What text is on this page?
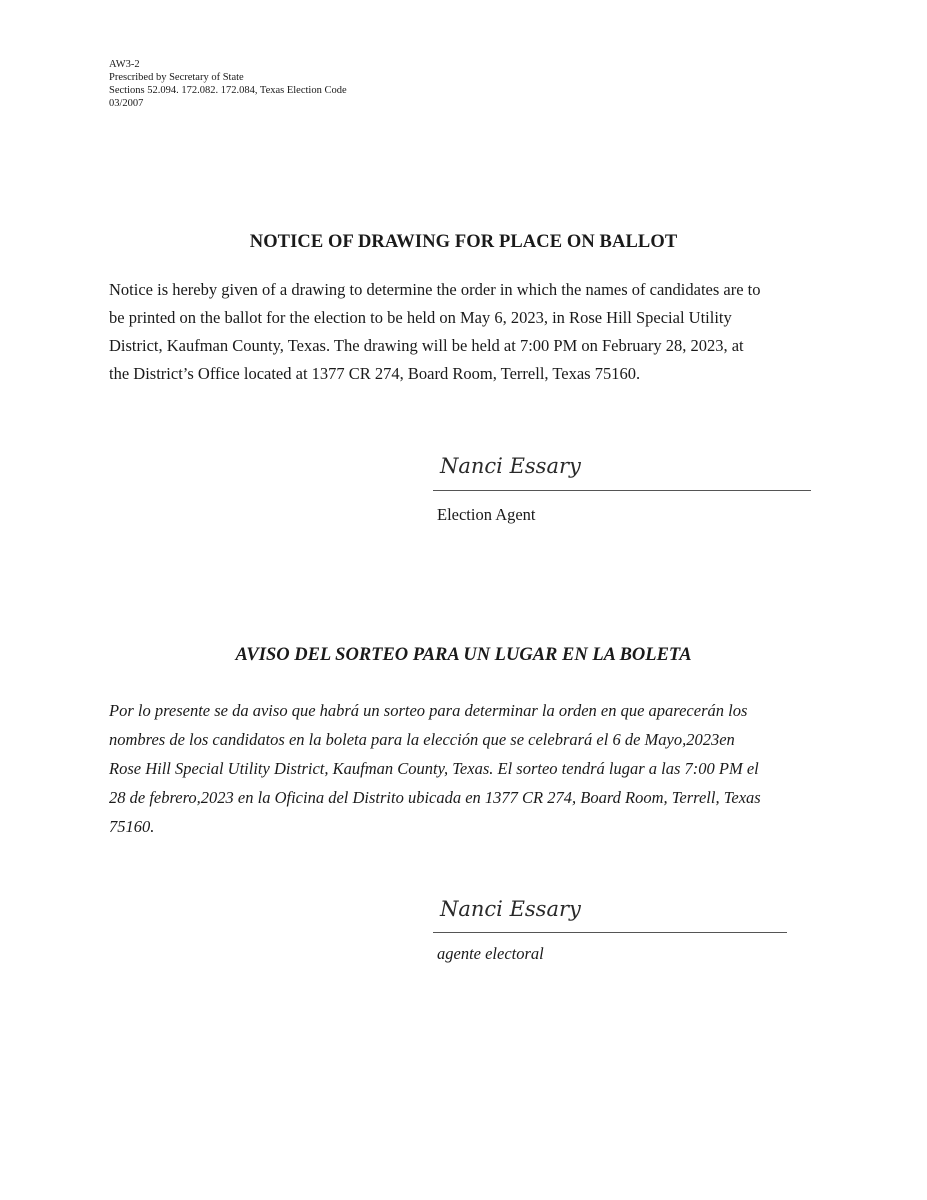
AW3-2
Prescribed by Secretary of State
Sections 52.094. 172.082. 172.084, Texas Election Code
03/2007
NOTICE OF DRAWING FOR PLACE ON BALLOT

Notice is hereby given of a drawing to determine the order in which the names of candidates are to
be printed on the ballot for the election to be held on May 6, 2023, in Rose Hill Special Utility
District, Kaufman County, Texas. The drawing will be held at 7:00 PM on February 28, 2023, at
the District’s Office located at 1377 CR 274, Board Room, Terrell, Texas 75160.

Nanci Essary
Election Agent
AVISO DEL SORTEO PARA UN LUGAR EN LA BOLETA

Por lo presente se da aviso que habrá un sorteo para determinar la orden en que aparecerán los
nombres de los candidatos en la boleta para la elección que se celebrará el 6 de Mayo,2023en
Rose Hill Special Utility District, Kaufman County, Texas. El sorteo tendrá lugar a las 7:00 PM el
28 de febrero,2023 en la Oficina del Distrito ubicada en 1377 CR 274, Board Room, Terrell, Texas
75160.

Nanci Essary
agente electoral
